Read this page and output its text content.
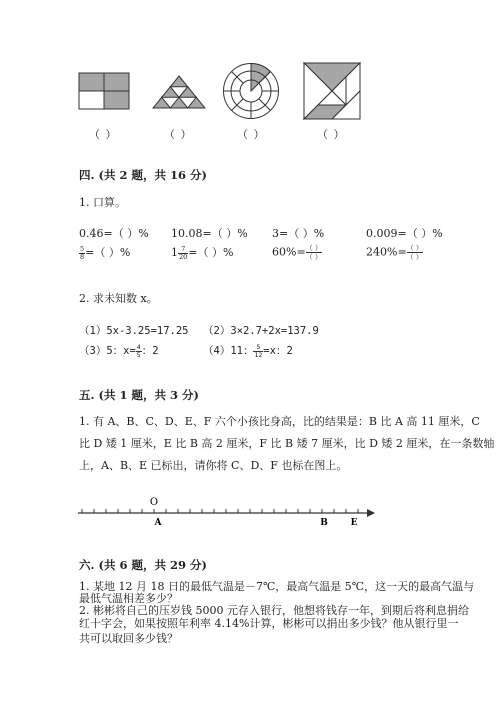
（ ）	（ ）	（ ）	（ ）
四. (共 2 题，共 16 分)
1. 口算。
0.46=（ ）% 10.08=（ ）% 3=（ ）%	0.009=（ ）%
$\frac{5}{8}$ =（ ）%	$1 \frac{7}{20}$ =（ ）%	$60\%= \frac{( )}{( )}$	$240\%= \frac{( )}{( )}$
2. 求未知数 x。
（1）5x-3.25=17.25 （2）3×2.7+2x=137.9
（3）5：$x= \frac{4}{5}$ ：2	（4）11： $\frac{5}{12} =x$：2
五. (共 1 题，共 3 分)
1. 有 A、B、C、D、E、F 六个小孩比身高，比的结果是：B 比 A 高 11 厘米，C
比 D 矮 1 厘米，E 比 B 高 2 厘米，F 比 B 矮 7 厘米，比 D 矮 2 厘米，在一条数轴
上，A、B、E 已标出，请你将 C、D、F 也标在图上。
O
A	B	E
六. (共 6 题，共 29 分)
1. 某地 12 月 18 日的最低气温是－7℃，最高气温是 5℃，这一天的最高气温与
最低气温相差多少？
2. 彬彬将自己的压岁钱 5000 元存入银行，他想将钱存一年，到期后将利息捐给
红十字会，如果按照年利率 4.14%计算，彬彬可以捐出多少钱？他从银行里一
共可以取回多少钱？
